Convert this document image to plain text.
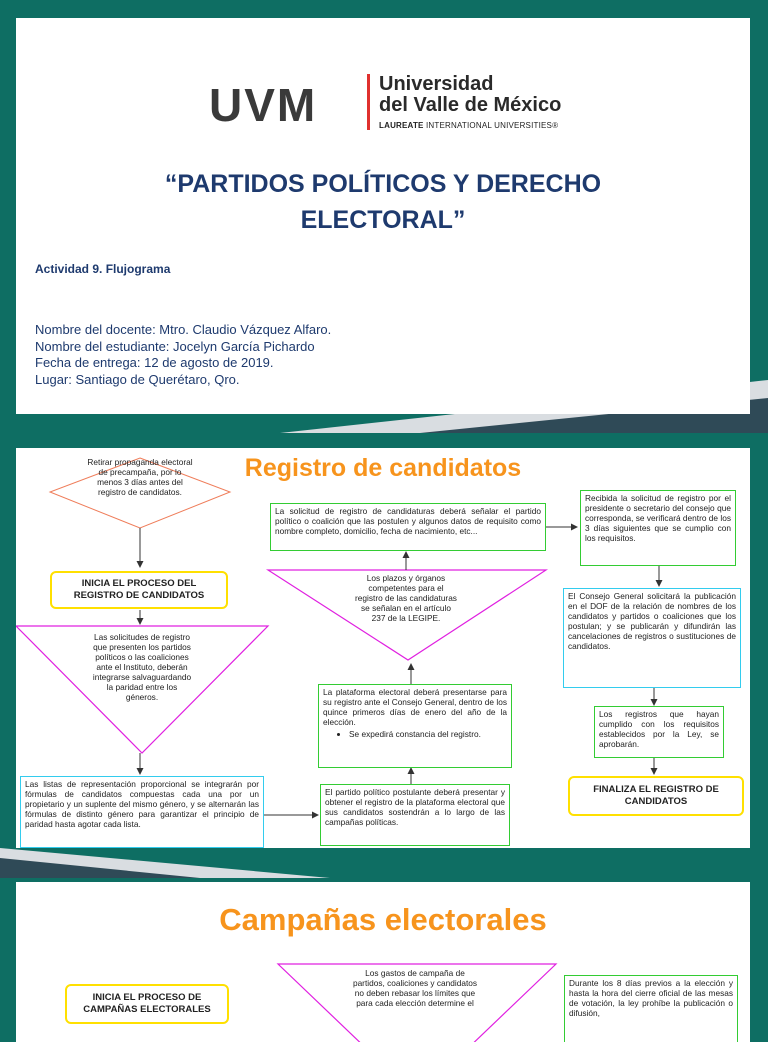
UVM	Universidad
del Valle de México
LAUREATE INTERNATIONAL UNIVERSITIES®
“PARTIDOS POLÍTICOS Y DERECHO
ELECTORAL”
Actividad 9. Flujograma
Nombre del docente: Mtro. Claudio Vázquez Alfaro.
Nombre del estudiante: Jocelyn García Pichardo
Fecha de entrega: 12 de agosto de 2019.
Lugar: Santiago de Querétaro, Qro.
Registro de candidatos
Retirar propaganda electoral de precampaña, por lo menos 3 días antes del registro de candidatos.
INICIA EL PROCESO DEL REGISTRO DE CANDIDATOS
Las solicitudes de registro que presenten los partidos políticos o las coaliciones ante el Instituto, deberán integrarse salvaguardando la paridad entre los géneros.
Las listas de representación proporcional se integrarán por fórmulas de candidatos compuestas cada una por un propietario y un suplente del mismo género, y se alternarán las fórmulas de distinto género para garantizar el principio de paridad hasta agotar cada lista.
El partido político postulante deberá presentar y obtener el registro de la plataforma electoral que sus candidatos sostendrán a lo largo de las campañas políticas.
La plataforma electoral deberá presentarse para su registro ante el Consejo General, dentro de los quince primeros días de enero del año de la elección.
• Se expedirá constancia del registro.
Los plazos y órganos competentes para el registro de las candidaturas se señalan en el artículo 237 de la LEGIPE.
La solicitud de registro de candidaturas deberá señalar el partido político o coalición que las postulen y algunos datos de requisito como nombre completo, domicilio, fecha de nacimiento, etc...
Recibida la solicitud de registro por el presidente o secretario del consejo que corresponda, se verificará dentro de los 3 días siguientes que se cumplio con los requisitos.
El Consejo General solicitará la publicación en el DOF de la relación de nombres de los candidatos y partidos o coaliciones que los postulan; y se publicarán y difundirán las cancelaciones de registros o sustituciones de candidatos.
Los registros que hayan cumplido con los requisitos establecidos por la Ley, se aprobarán.
FINALIZA EL REGISTRO DE CANDIDATOS
Campañas electorales
INICIA EL PROCESO DE CAMPAÑAS ELECTORALES
Los gastos de campaña de partidos, coaliciones y candidatos no deben rebasar los límites que para cada elección determine el
Durante los 8 días previos a la elección y hasta la hora del cierre oficial de las mesas de votación, la ley prohíbe la publicación o difusión,
